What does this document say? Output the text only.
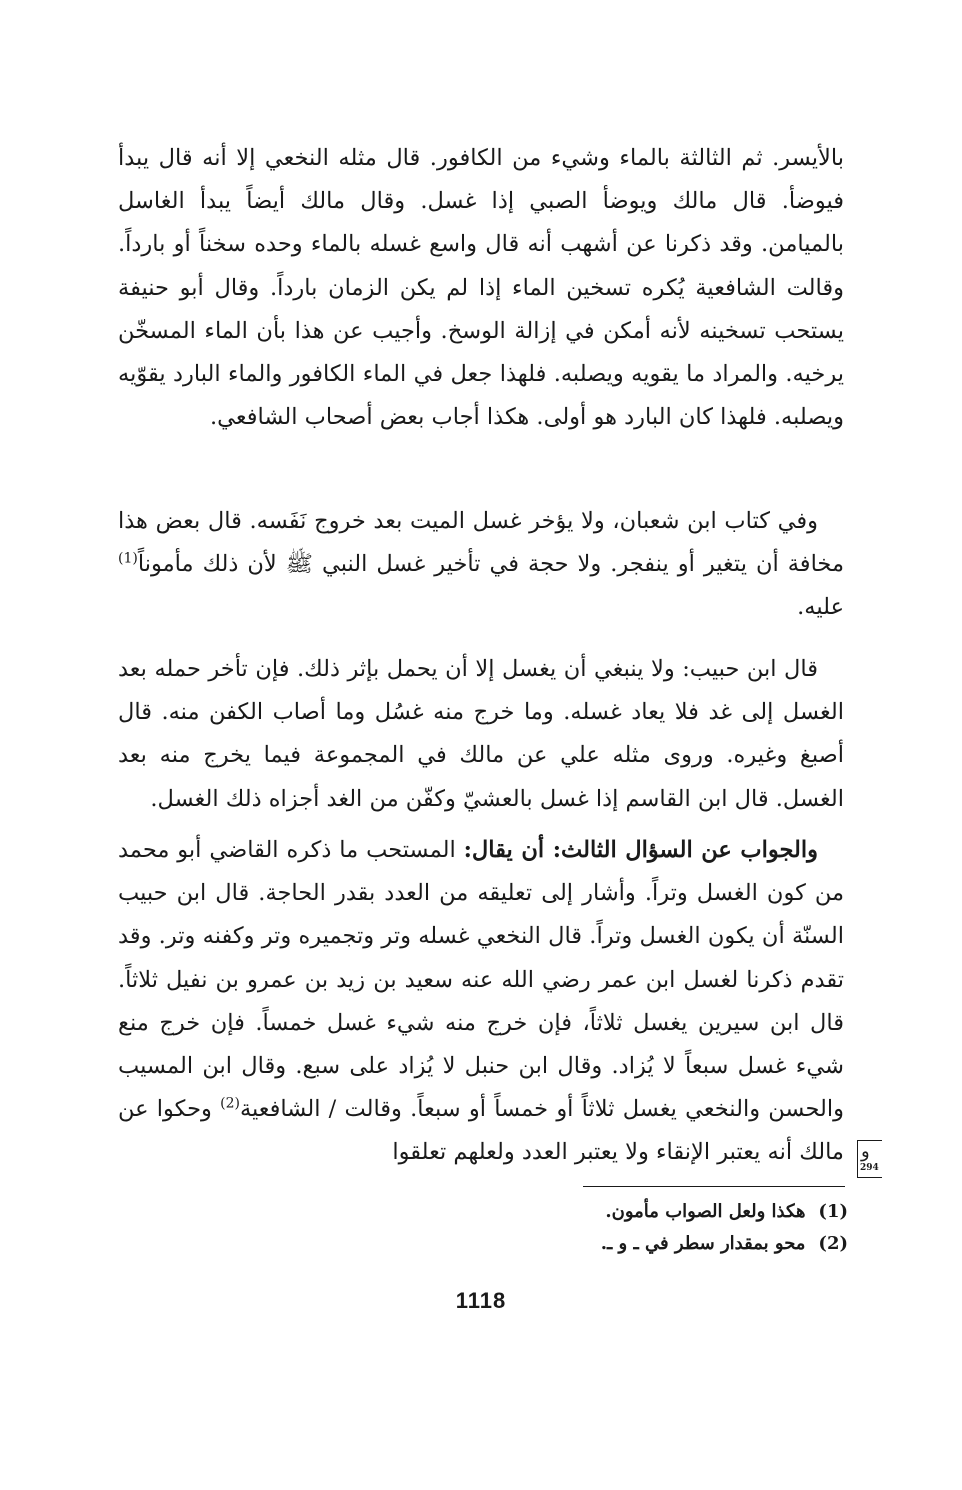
بالأيسر. ثم الثالثة بالماء وشيء من الكافور. قال مثله النخعي إلا أنه قال يبدأ فيوضأ. قال مالك ويوضأ الصبي إذا غسل. وقال مالك أيضاً يبدأ الغاسل بالميامن. وقد ذكرنا عن أشهب أنه قال واسع غسله بالماء وحده سخناً أو بارداً. وقالت الشافعية يُكره تسخين الماء إذا لم يكن الزمان بارداً. وقال أبو حنيفة يستحب تسخينه لأنه أمكن في إزالة الوسخ. وأجيب عن هذا بأن الماء المسخّن يرخيه. والمراد ما يقويه ويصلبه. فلهذا جعل في الماء الكافور والماء البارد يقوّيه ويصلبه. فلهذا كان البارد هو أولى. هكذا أجاب بعض أصحاب الشافعي.

وفي كتاب ابن شعبان، ولا يؤخر غسل الميت بعد خروج نَفَسه. قال بعض هذا مخافة أن يتغير أو ينفجر. ولا حجة في تأخير غسل النبي ﷺ لأن ذلك مأموناً$^{(1)}$ عليه.

قال ابن حبيب: ولا ينبغي أن يغسل إلا أن يحمل بإثر ذلك. فإن تأخر حمله بعد الغسل إلى غد فلا يعاد غسله. وما خرج منه غسُل وما أصاب الكفن منه. قال أصبغ وغيره. وروى مثله علي عن مالك في المجموعة فيما يخرج منه بعد الغسل. قال ابن القاسم إذا غسل بالعشيّ وكفّن من الغد أجزاه ذلك الغسل.

والجواب عن السؤال الثالث: أن يقال: المستحب ما ذكره القاضي أبو محمد من كون الغسل وتراً. وأشار إلى تعليقه من العدد بقدر الحاجة. قال ابن حبيب السنّة أن يكون الغسل وتراً. قال النخعي غسله وتر وتجميره وتر وكفنه وتر. وقد تقدم ذكرنا لغسل ابن عمر رضي الله عنه سعيد بن زيد بن عمرو بن نفيل ثلاثاً. قال ابن سيرين يغسل ثلاثاً، فإن خرج منه شيء غسل خمساً. فإن خرج منع شيء غسل سبعاً لا يُزاد. وقال ابن حنبل لا يُزاد على سبع. وقال ابن المسيب والحسن والنخعي يغسل ثلاثاً أو خمساً أو سبعاً. وقالت / الشافعية$^{(2)}$ وحكوا عن مالك أنه يعتبر الإنقاء ولا يعتبر العدد ولعلهم تعلقوا و
294

(1)  هكذا ولعل الصواب مأمون.

(2)  محو بمقدار سطر في ـ و ـ.

1118
